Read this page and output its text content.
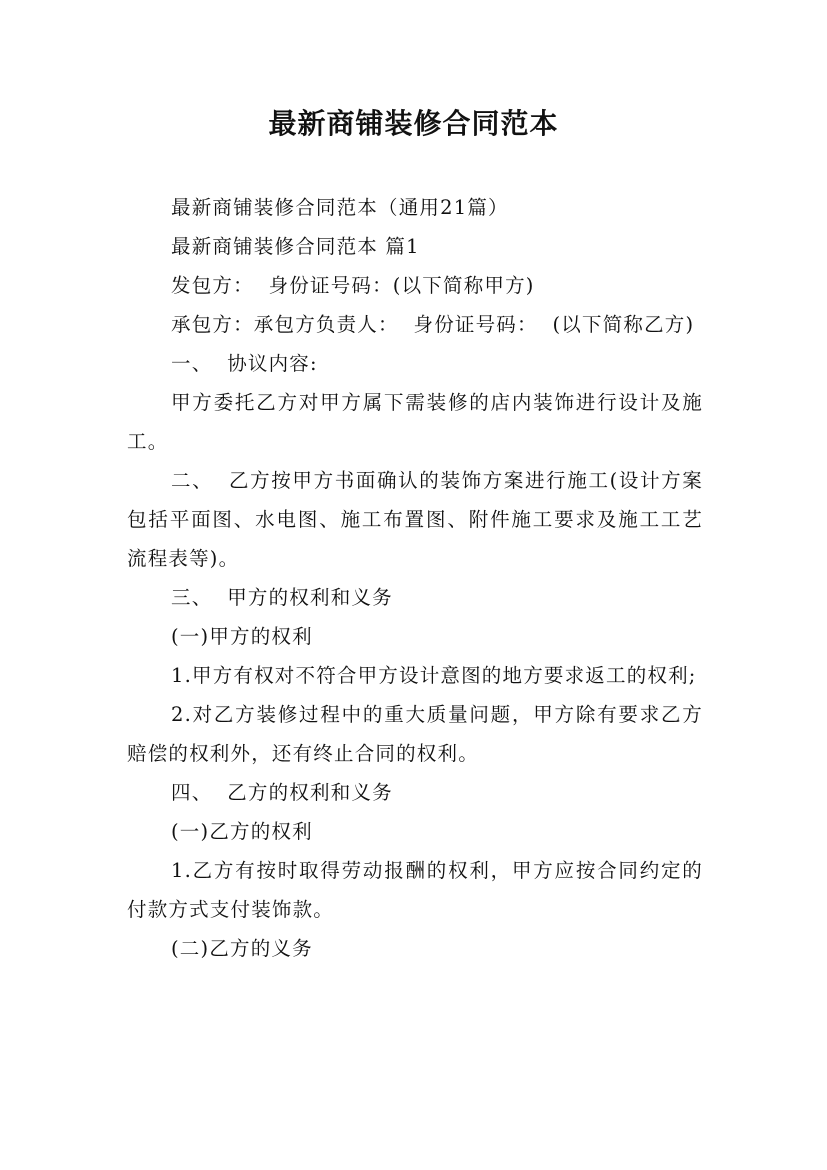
最新商铺装修合同范本

最新商铺装修合同范本（通用21篇）

最新商铺装修合同范本 篇1

发包方：  身份证号码：(以下简称甲方)

承包方：承包方负责人：  身份证号码：  (以下简称乙方)

一、  协议内容:

甲方委托乙方对甲方属下需装修的店内装饰进行设计及施工。

二、  乙方按甲方书面确认的装饰方案进行施工(设计方案包括平面图、水电图、施工布置图、附件施工要求及施工工艺流程表等)。

三、  甲方的权利和义务

(一)甲方的权利

1.甲方有权对不符合甲方设计意图的地方要求返工的权利;

2.对乙方装修过程中的重大质量问题，甲方除有要求乙方赔偿的权利外，还有终止合同的权利。

四、  乙方的权利和义务

(一)乙方的权利

1.乙方有按时取得劳动报酬的权利，甲方应按合同约定的付款方式支付装饰款。

(二)乙方的义务
